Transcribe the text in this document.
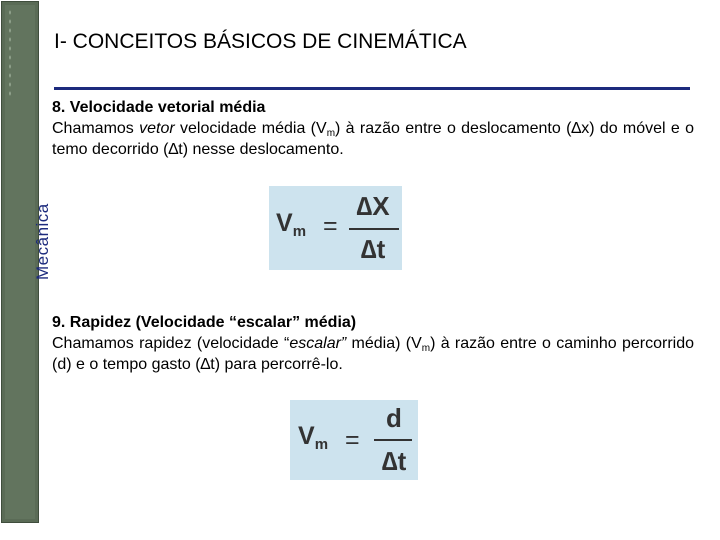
Mecânica
I- CONCEITOS BÁSICOS DE CINEMÁTICA
8. Velocidade vetorial média
Chamamos vetor velocidade média $(V_m)$ à razão entre o deslocamento (∆x) do móvel e o temo decorrido (∆t) nesse deslocamento.
$V_m$ =
∆X
∆t
9. Rapidez (Velocidade “escalar” média)
Chamamos rapidez (velocidade “escalar” média) $(V_m)$ à razão entre o caminho percorrido (d) e o tempo gasto (∆t) para percorrê-lo.
$V_m$ =
d
∆t
